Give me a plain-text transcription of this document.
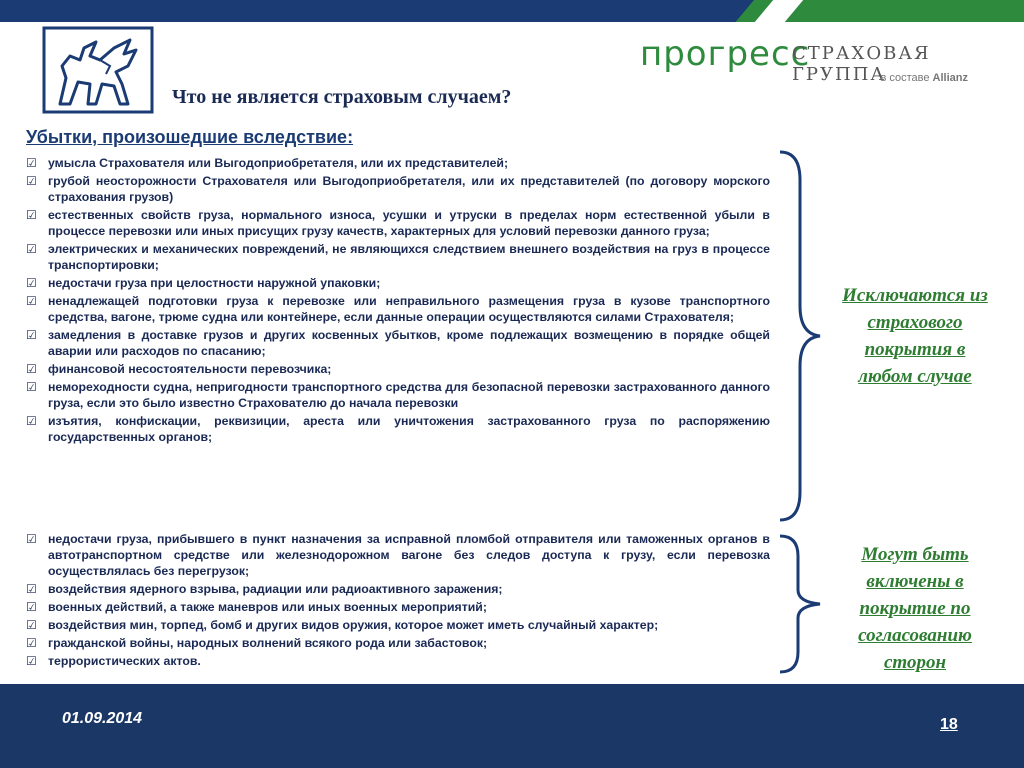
прогресс
СТРАХОВАЯ ГРУППА
в составе Allianz
Что не является страховым случаем?
Убытки, произошедшие вследствие:
☑ умысла Страхователя или Выгодоприобретателя, или их представителей;
☑ грубой неосторожности Страхователя или Выгодоприобретателя, или их представителей (по договору морского страхования грузов)
☑ естественных свойств груза, нормального износа, усушки и утруски в пределах норм естественной убыли в процессе перевозки или иных присущих грузу качеств, характерных для условий перевозки данного груза;
☑ электрических и механических повреждений, не являющихся следствием внешнего воздействия на груз в процессе транспортировки;
☑ недостачи груза при целостности наружной упаковки;
☑ ненадлежащей подготовки груза к перевозке или неправильного размещения груза в кузове транспортного средства, вагоне, трюме судна или контейнере, если данные операции осуществляются силами Страхователя;
☑ замедления в доставке грузов и других косвенных убытков, кроме подлежащих возмещению в порядке общей аварии или расходов по спасанию;
☑ финансовой несостоятельности перевозчика;
☑ немореходности судна, непригодности транспортного средства для безопасной перевозки застрахованного данного груза, если это было известно Страхователю до начала перевозки
☑ изъятия, конфискации, реквизиции, ареста или уничтожения застрахованного груза по распоряжению государственных органов;
☑ недостачи груза, прибывшего в пункт назначения за исправной пломбой отправителя или таможенных органов в автотранспортном средстве или железнодорожном вагоне без следов доступа к грузу, если перевозка осуществлялась без перегрузок;
☑ воздействия ядерного взрыва, радиации или радиоактивного заражения;
☑ военных действий, а также маневров или иных военных мероприятий;
☑ воздействия мин, торпед, бомб и других видов оружия, которое может иметь случайный характер;
☑ гражданской войны, народных волнений всякого рода или забастовок;
☑ террористических актов.
Исключаются из страхового покрытия в любом случае
Могут быть включены в покрытие по согласованию сторон
01.09.2014	18
